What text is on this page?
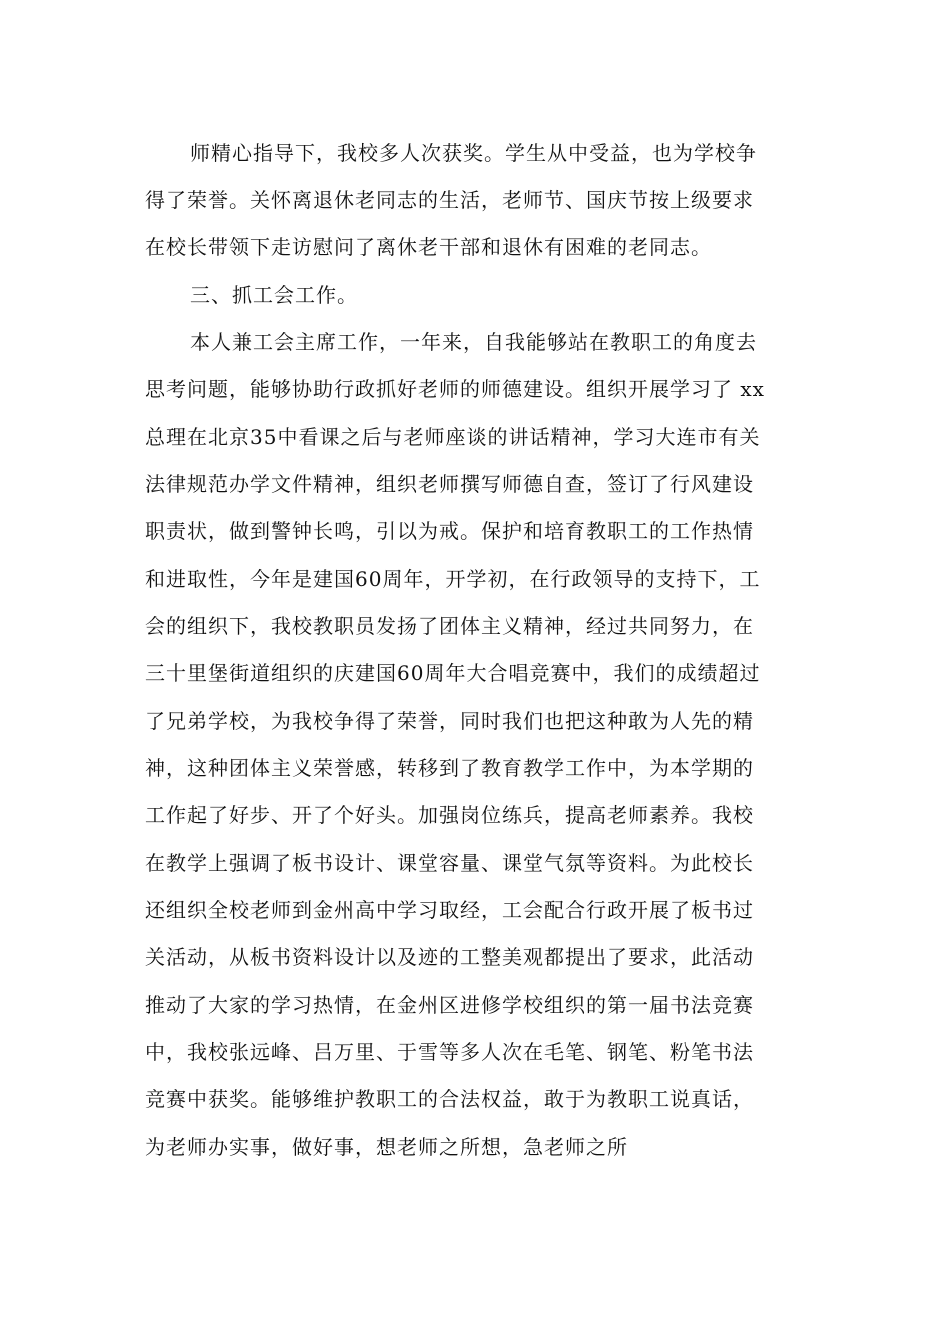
师精心指导下，我校多人次获奖。学生从中受益，也为学校争

得了荣誉。关怀离退休老同志的生活，老师节、国庆节按上级要求

在校长带领下走访慰问了离休老干部和退休有困难的老同志。

三、抓工会工作。

本人兼工会主席工作，一年来，自我能够站在教职工的角度去

思考问题，能够协助行政抓好老师的师德建设。组织开展学习了 xx

总理在北京35中看课之后与老师座谈的讲话精神，学习大连市有关

法律规范办学文件精神，组织老师撰写师德自查，签订了行风建设

职责状，做到警钟长鸣，引以为戒。保护和培育教职工的工作热情

和进取性，今年是建国60周年，开学初，在行政领导的支持下，工

会的组织下，我校教职员发扬了团体主义精神，经过共同努力，在

三十里堡街道组织的庆建国60周年大合唱竞赛中，我们的成绩超过

了兄弟学校，为我校争得了荣誉，同时我们也把这种敢为人先的精

神，这种团体主义荣誉感，转移到了教育教学工作中，为本学期的

工作起了好步、开了个好头。加强岗位练兵，提高老师素养。我校

在教学上强调了板书设计、课堂容量、课堂气氛等资料。为此校长

还组织全校老师到金州高中学习取经，工会配合行政开展了板书过

关活动，从板书资料设计以及迹的工整美观都提出了要求，此活动

推动了大家的学习热情，在金州区进修学校组织的第一届书法竞赛

中，我校张远峰、吕万里、于雪等多人次在毛笔、钢笔、粉笔书法

竞赛中获奖。能够维护教职工的合法权益，敢于为教职工说真话，

为老师办实事，做好事，想老师之所想，急老师之所
